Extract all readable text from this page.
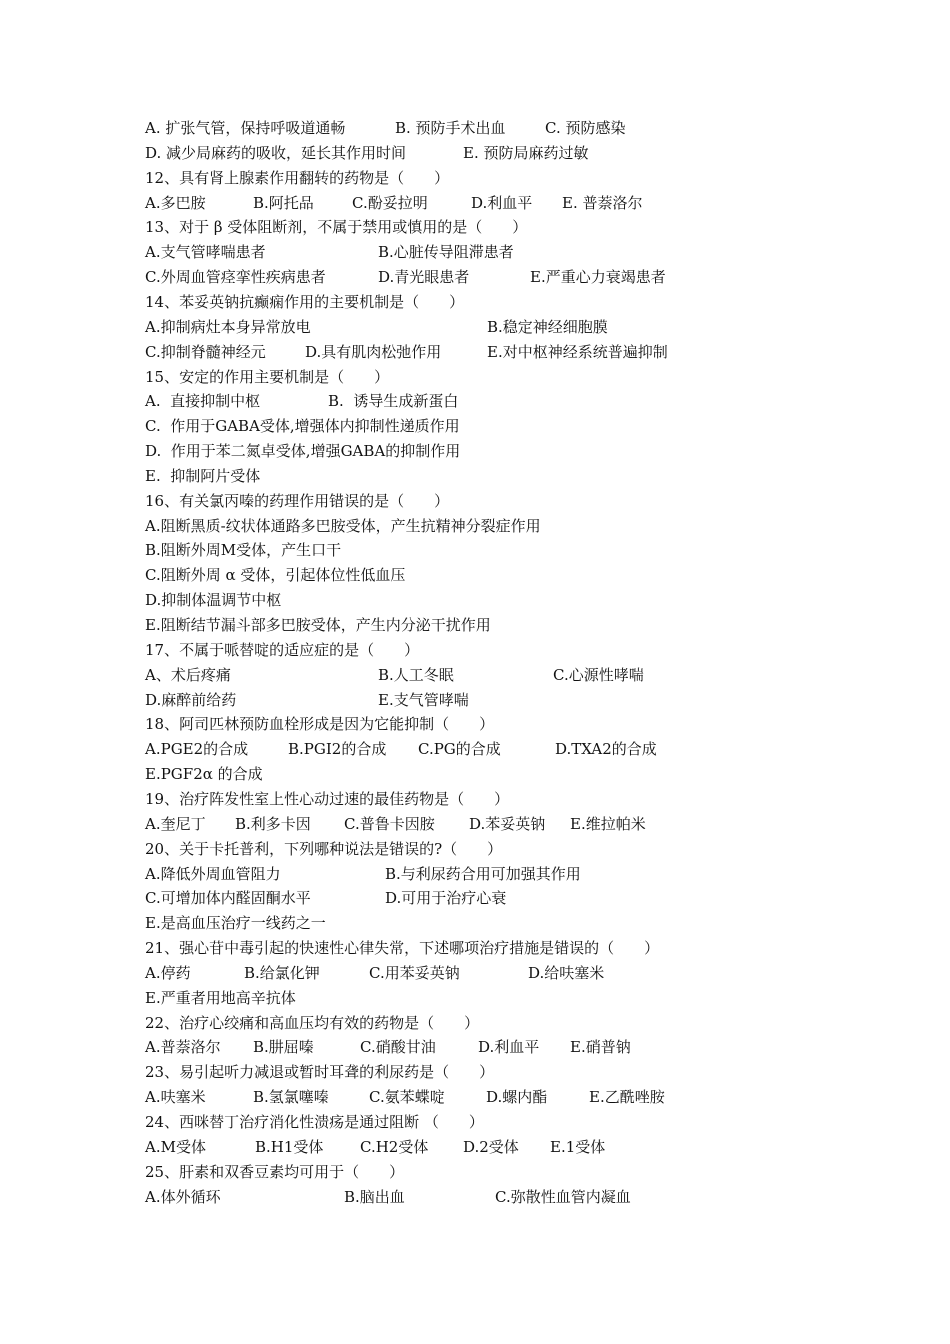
A. 扩张气管，保持呼吸道通畅	B. 预防手术出血	C. 预防感染
D. 减少局麻药的吸收，延长其作用时间	E. 预防局麻药过敏
12、具有肾上腺素作用翻转的药物是（　　）
A.多巴胺	B.阿托品	C.酚妥拉明	D.利血平 E. 普萘洛尔
13、对于 β 受体阻断剂，不属于禁用或慎用的是（　　）
A.支气管哮喘患者	B.心脏传导阻滞患者
C.外周血管痉挛性疾病患者	D.青光眼患者	E.严重心力衰竭患者
14、苯妥英钠抗癫痫作用的主要机制是（　　）
A.抑制病灶本身异常放电	B.稳定神经细胞膜
C.抑制脊髓神经元	D.具有肌肉松弛作用	E.对中枢神经系统普遍抑制
15、安定的作用主要机制是（　　）
A.  直接抑制中枢	B.  诱导生成新蛋白
C.  作用于GABA受体,增强体内抑制性递质作用
D.  作用于苯二氮卓受体,增强GABA的抑制作用
E.  抑制阿片受体
16、有关氯丙嗪的药理作用错误的是（　　）
A.阻断黑质-纹状体通路多巴胺受体，产生抗精神分裂症作用
B.阻断外周M受体，产生口干
C.阻断外周 α 受体，引起体位性低血压
D.抑制体温调节中枢
E.阻断结节漏斗部多巴胺受体，产生内分泌干扰作用
17、不属于哌替啶的适应症的是（　　）
A、术后疼痛	B.人工冬眠	C.心源性哮喘
D.麻醉前给药	E.支气管哮喘
18、阿司匹林预防血栓形成是因为它能抑制（　　）
A.PGE2的合成	B.PGI2的合成 C.PG的合成	D.TXA2的合成
E.PGF2α 的合成
19、治疗阵发性室上性心动过速的最佳药物是（　　）
A.奎尼丁 B.利多卡因 C.普鲁卡因胺 D.苯妥英钠 E.维拉帕米
20、关于卡托普利，下列哪种说法是错误的?（　　）
A.降低外周血管阻力	B.与利尿药合用可加强其作用
C.可增加体内醛固酮水平	D.可用于治疗心衰
E.是高血压治疗一线药之一
21、强心苷中毒引起的快速性心律失常，下述哪项治疗措施是错误的（　　）
A.停药	B.给氯化钾	C.用苯妥英钠	D.给呋塞米
E.严重者用地高辛抗体
22、治疗心绞痛和高血压均有效的药物是（　　）
A.普萘洛尔 B.肼屈嗪	C.硝酸甘油	D.利血平 E.硝普钠
23、易引起听力减退或暂时耳聋的利尿药是（　　）
A.呋塞米	B.氢氯噻嗪	C.氨苯蝶啶	D.螺内酯	E.乙酰唑胺
24、西咪替丁治疗消化性溃疡是通过阻断 （　　）
A.M受体	B.H1受体 C.H2受体 D.2受体 E.1受体
25、肝素和双香豆素均可用于（　　）
A.体外循环	B.脑出血	C.弥散性血管内凝血
